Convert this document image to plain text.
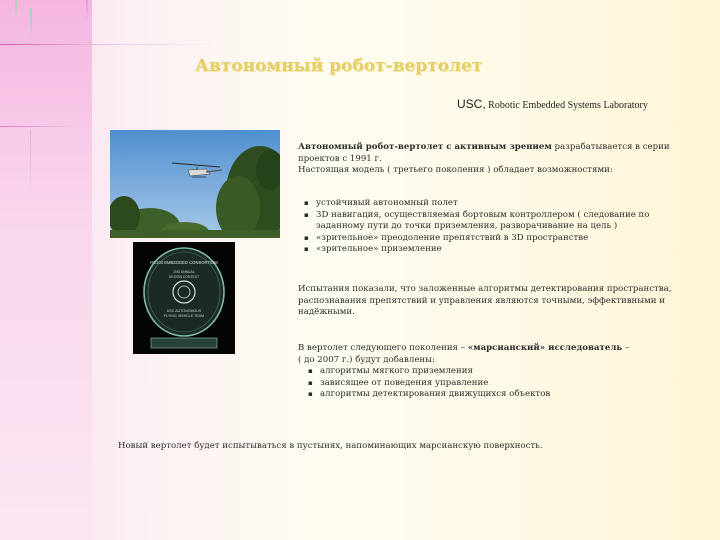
Автономный робот-вертолет
USC, Robotic Embedded Systems Laboratory
PC104 EMBEDDED CONSORTIUM
2ND ANNUAL
DESIGN CONTEST
USC AUTONOMOUS
FLYING VEHICLE TEAM

Автономный робот-вертолет с активным зрением разрабатывается в серии проектов с 1991 г.

Настоящая модель ( третьего поколения ) обладает возможностями:

▪ устойчивый автономный полет
▪ 3D навигация, осуществляемая бортовым контроллером ( следование по заданному пути до точки приземления, разворачивание на цель )
▪ «зрительное» преодоление препятствий в 3D пространстве
▪ «зрительное» приземление

Испытания показали, что заложенные алгоритмы детектирования пространства, распознавания препятствий и управления являются точными, эффективными и надёжными.

В вертолет следующего поколения – «марсианский» исследователь –

( до 2007 г.) будут добавлены:

▪ алгоритмы мягкого приземления
▪ зависящее от поведения управление
▪ алгоритмы детектирования движущихся объектов
Новый вертолет будет испытываться в пустынях, напоминающих марсианскую поверхность.
